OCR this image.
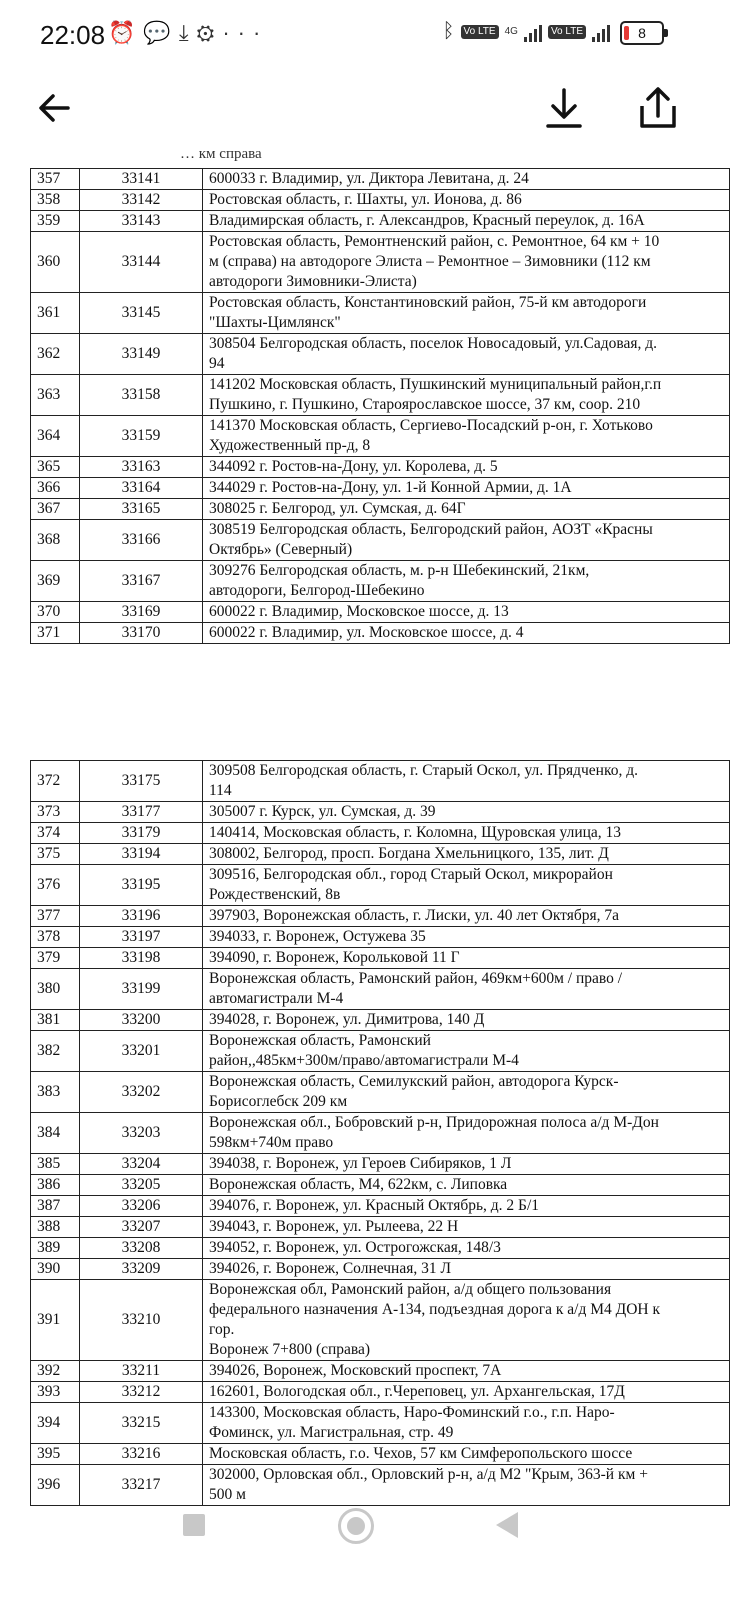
22:08 ⏰💬⤓⚙···	ᛒ Vo LTE 4G	Vo LTE	8
… км справа
357	33141	600033 г. Владимир, ул. Диктора Левитана, д. 24
358	33142	Ростовская область, г. Шахты, ул. Ионова, д. 86
359	33143	Владимирская область, г. Александров, Красный переулок, д. 16А
360	33144	Ростовская область, Ремонтненский район, с. Ремонтное, 64 км + 10
м (справа) на автодороге Элиста – Ремонтное – Зимовники (112 км
автодороги Зимовники-Элиста)
361	33145	Ростовская область, Константиновский район, 75-й км автодороги
"Шахты-Цимлянск"
362	33149	308504 Белгородская область, поселок Новосадовый, ул.Садовая, д.
94
363	33158	141202 Московская область, Пушкинский муниципальный район,г.п
Пушкино, г. Пушкино, Старoярославское шоссе, 37 км, соор. 210
364	33159	141370 Московская область, Сергиево-Посадский р-он, г. Хотьково
Художественный пр-д, 8
365	33163	344092 г. Ростов-на-Дону, ул. Королева, д. 5
366	33164	344029 г. Ростов-на-Дону, ул. 1-й Конной Армии, д. 1А
367	33165	308025 г. Белгород, ул. Сумская, д. 64Г
368	33166	308519 Белгородская область, Белгородский район, АОЗТ «Красны
Октябрь» (Северный)
369	33167	309276 Белгородская область, м. р-н Шебекинский, 21км,
автодороги, Белгород-Шебекино
370	33169	600022 г. Владимир, Московское шоссе, д. 13
371	33170	600022 г. Владимир, ул. Московское шоссе, д. 4
372	33175	309508 Белгородская область, г. Старый Оскол, ул. Прядченко, д.
114
373	33177	305007 г. Курск, ул. Сумская, д. 39
374	33179	140414, Московская область, г. Коломна, Щуровская улица, 13
375	33194	308002, Белгород, просп. Богдана Хмельницкого, 135, лит. Д
376	33195	309516, Белгородская обл., город Старый Оскол, микрорайон
Рождественский, 8в
377	33196	397903, Воронежская область, г. Лиски, ул. 40 лет Октября, 7а
378	33197	394033, г. Воронеж, Остужева 35
379	33198	394090, г. Воронеж, Корольковой 11 Г
380	33199	Воронежская область, Рамонский район, 469км+600м / право /
автомагистрали М-4
381	33200	394028, г. Воронеж, ул. Димитрова, 140 Д
382	33201	Воронежская область, Рамонский
район,,485км+300м/право/автомагистрали М-4
383	33202	Воронежская область, Семилукский район, автодорога Курск-
Борисоглебск 209 км
384	33203	Воронежская обл., Бобровский р-н, Придорожная полоса а/д М-Дон
598км+740м право
385	33204	394038, г. Воронеж, ул Героев Сибиряков, 1 Л
386	33205	Воронежская область, М4, 622км, с. Липовка
387	33206	394076, г. Воронеж, ул. Красный Октябрь, д. 2 Б/1
388	33207	394043, г. Воронеж, ул. Рылеева, 22 Н
389	33208	394052, г. Воронеж, ул. Острогожская, 148/3
390	33209	394026, г. Воронеж, Солнечная, 31 Л
391	33210	Воронежская обл, Рамонский район, а/д общего пользования
федерального назначения А-134, подъездная дорога к а/д М4 ДОН к
гор.
Воронеж 7+800 (справа)
392	33211	394026, Воронеж, Московский проспект, 7А
393	33212	162601, Вологодская обл., г.Череповец, ул. Архангельская, 17Д
394	33215	143300, Московская область, Наро-Фоминский г.о., г.п. Наро-
Фоминск, ул. Магистральная, стр. 49
395	33216	Московская область, г.о. Чехов, 57 км Симферопольского шоссе
396	33217	302000, Орловская обл., Орловский р-н, а/д М2 "Крым, 363-й км +
500 м
